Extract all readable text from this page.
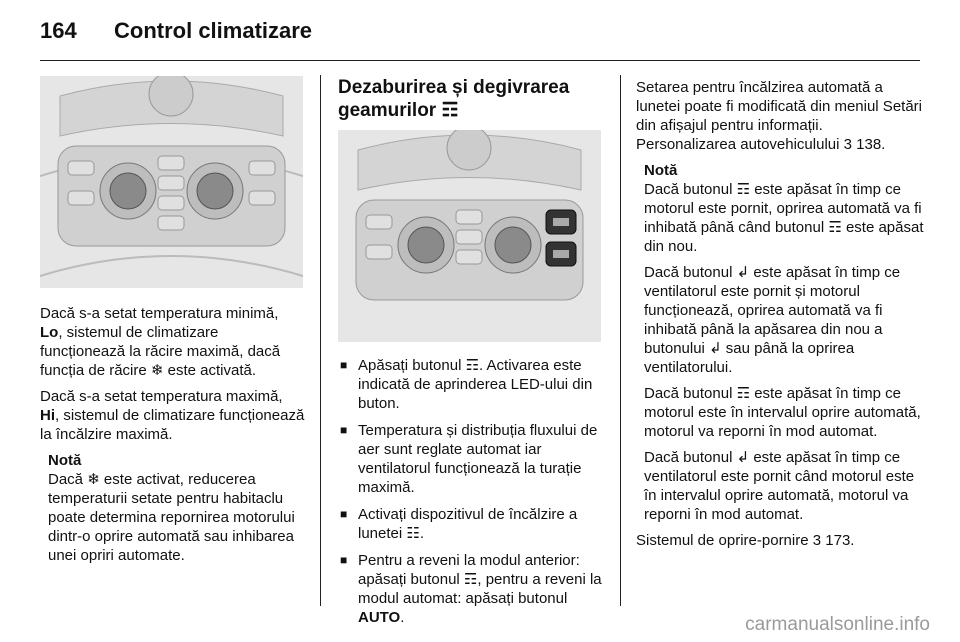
164 Control climatizare

Dacă s-a setat temperatura minimă, Lo, sistemul de climatizare funcționează la răcire maximă, dacă funcția de răcire ❄ este activată.

Dacă s-a setat temperatura maximă, Hi, sistemul de climatizare funcționează la încălzire maximă.

Notă
Dacă ❄ este activat, reducerea temperaturii setate pentru habitaclu poate determina repornirea motorului dintr-o oprire automată sau inhibarea unei opriri automate.
Dezaburirea și degivrarea geamurilor ☶
■ Apăsați butonul ☶. Activarea este indicată de aprinderea LED-ului din buton.
■ Temperatura și distribuția fluxului de aer sunt reglate automat iar ventilatorul funcționează la turație maximă.
■ Activați dispozitivul de încălzire a lunetei ☷.
■ Pentru a reveni la modul anterior: apăsați butonul ☶, pentru a reveni la modul automat: apăsați butonul AUTO.

Setarea pentru încălzirea automată a lunetei poate fi modificată din meniul Setări din afișajul pentru informații. Personalizarea autovehiculului 3 138.

Notă

Dacă butonul ☶ este apăsat în timp ce motorul este pornit, oprirea automată va fi inhibată până când butonul ☶ este apăsat din nou.

Dacă butonul ↲ este apăsat în timp ce ventilatorul este pornit și motorul funcționează, oprirea automată va fi inhibată până la apăsarea din nou a butonului ↲ sau până la oprirea ventilatorului.

Dacă butonul ☶ este apăsat în timp ce motorul este în intervalul oprire automată, motorul va reporni în mod automat.

Dacă butonul ↲ este apăsat în timp ce ventilatorul este pornit când motorul este în intervalul oprire automată, motorul va reporni în mod automat.

Sistemul de oprire-pornire 3 173.

carmanualsonline.info
